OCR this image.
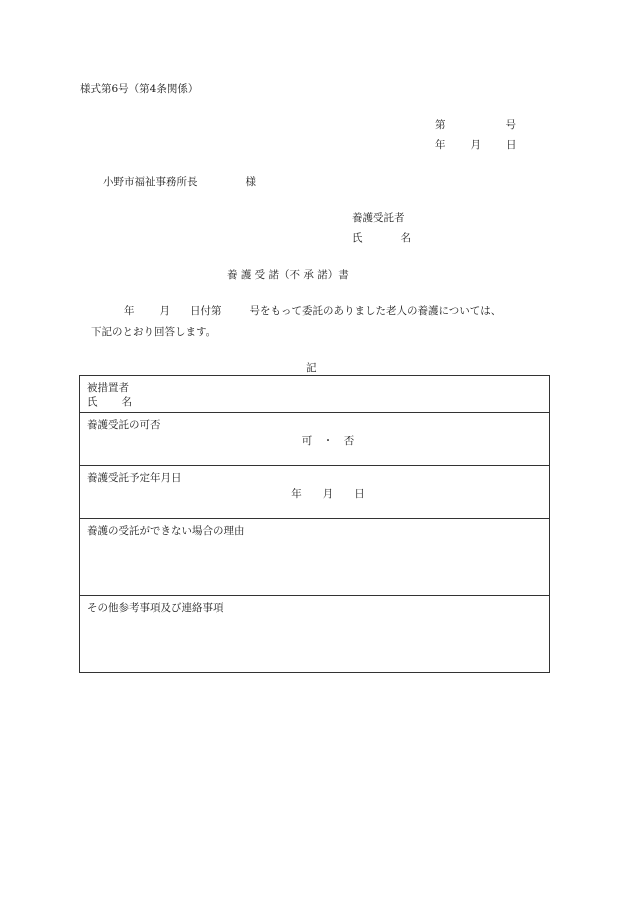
様式第6号（第4条関係）
第	号
年 月 日
小野市福祉事務所長	様
養護受託者
氏	名
養 護 受 諾（不 承 諾）書
年 月 日付第	号をもって委託のありました老人の養護については、
下記のとおり回答します。
記
被措置者
氏 名

養護受託の可否
可　・　否

養護受託予定年月日
年　　月　　日

養護の受託ができない場合の理由

その他参考事項及び連絡事項
